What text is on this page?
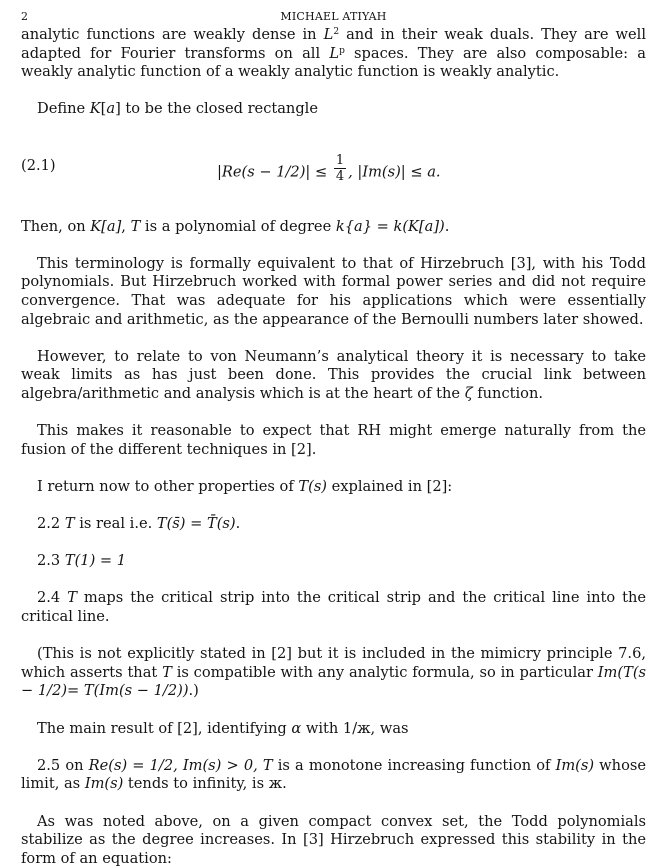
2	MICHAEL ATIYAH

analytic functions are weakly dense in $L^2$ and in their weak duals. They are well adapted for Fourier transforms on all $L^p$ spaces. They are also composable: a weakly analytic function of a weakly analytic function is weakly analytic.

Define K[a] to be the closed rectangle

(2.1)	$|Re(s - 1/2)| \le \frac{1}{4}$ , |Im(s)| ≤ a.

Then, on K[a], T is a polynomial of degree k{a} = k(K[a]).

This terminology is formally equivalent to that of Hirzebruch [3], with his Todd polynomials. But Hirzebruch worked with formal power series and did not require convergence. That was adequate for his applications which were essentially algebraic and arithmetic, as the appearance of the Bernoulli numbers later showed.

However, to relate to von Neumann’s analytical theory it is necessary to take weak limits as has just been done. This provides the crucial link between algebra/arithmetic and analysis which is at the heart of the ζ function.

This makes it reasonable to expect that RH might emerge naturally from the fusion of the different techniques in [2].

I return now to other properties of T(s) explained in [2]:

2.2 T is real i.e. T(s̄) = T̄(s).

2.3 T(1) = 1

2.4 T maps the critical strip into the critical strip and the critical line into the critical line.

(This is not explicitly stated in [2] but it is included in the mimicry principle 7.6, which asserts that T is compatible with any analytic formula, so in particular Im(T(s − 1/2)= T(Im(s − 1/2)).)

The main result of [2], identifying α with 1/ж, was

2.5 on Re(s) = 1/2, Im(s) > 0, T is a monotone increasing function of Im(s) whose limit, as Im(s) tends to infinity, is ж.

As was noted above, on a given compact convex set, the Todd polynomials stabilize as the degree increases. In [3] Hirzebruch expressed this stability in the form of an equation:
